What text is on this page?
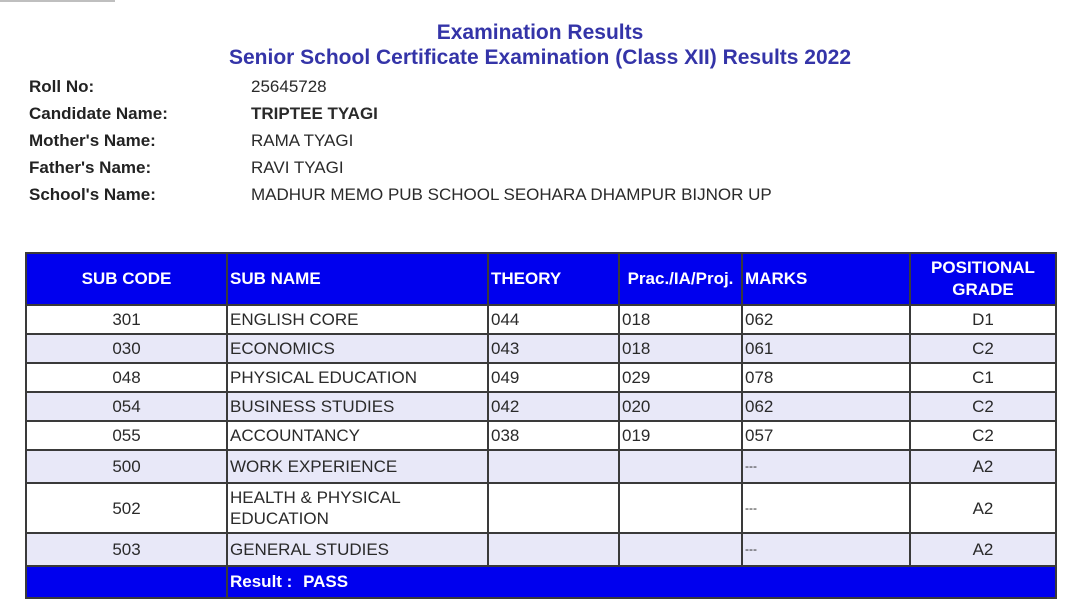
Examination Results
Senior School Certificate Examination (Class XII) Results 2022
Roll No:	25645728
Candidate Name:	TRIPTEE TYAGI
Mother's Name:	RAMA TYAGI
Father's Name:	RAVI TYAGI
School's Name:	MADHUR MEMO PUB SCHOOL SEOHARA DHAMPUR BIJNOR UP
SUB CODE	SUB NAME	THEORY	Prac./IA/Proj.	MARKS	POSITIONAL GRADE
301	ENGLISH CORE	044	018	062	D1
030	ECONOMICS	043	018	061	C2
048	PHYSICAL EDUCATION	049	029	078	C1
054	BUSINESS STUDIES	042	020	062	C2
055	ACCOUNTANCY	038	019	057	C2
500	WORK EXPERIENCE			---	A2
502	HEALTH & PHYSICAL EDUCATION			---	A2
503	GENERAL STUDIES			---	A2
	Result : PASS				
